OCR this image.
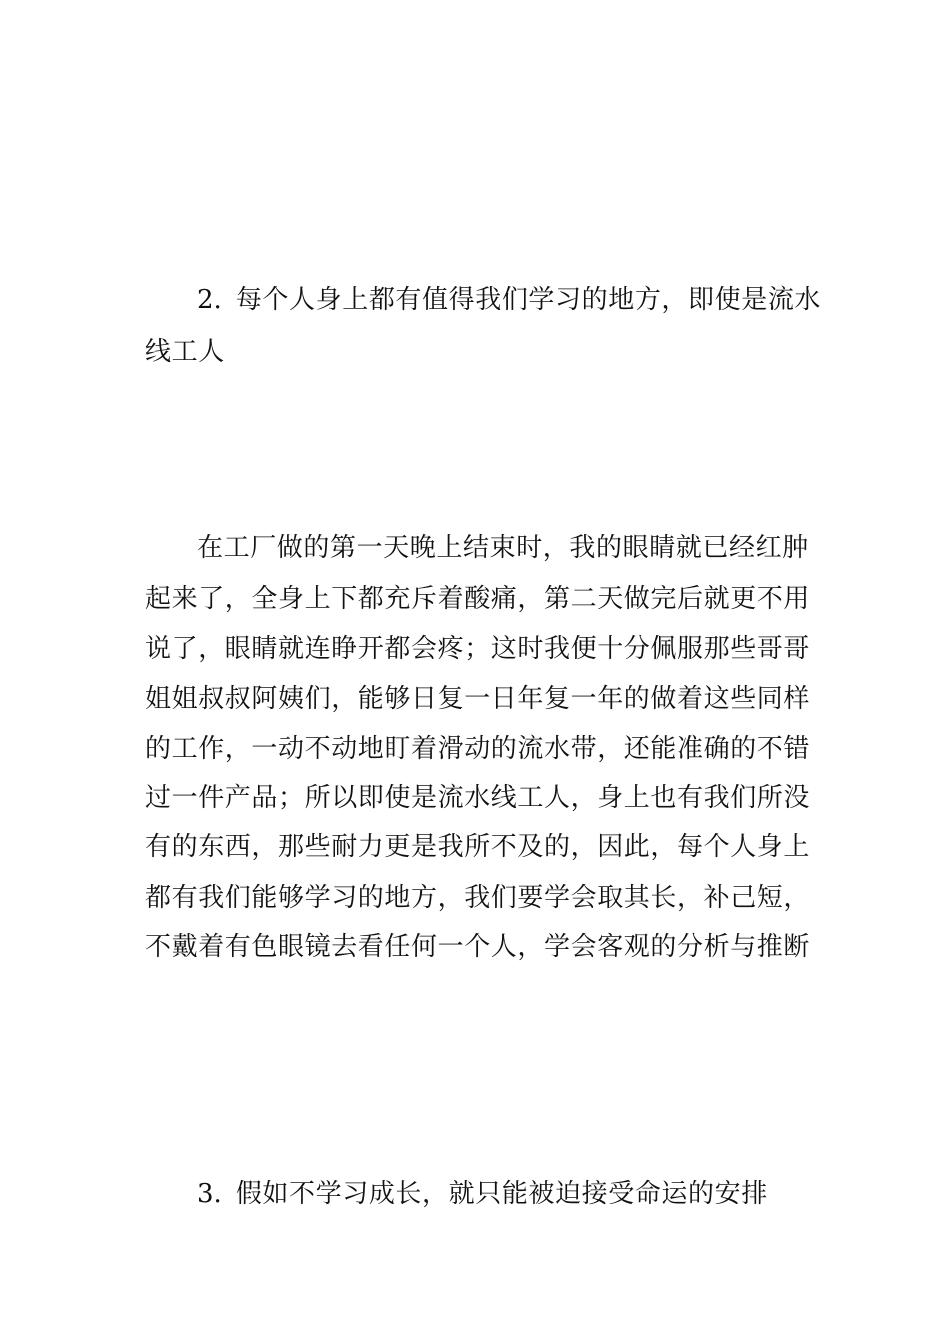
2. 每个人身上都有值得我们学习的地方，即使是流水
线工人
在工厂做的第一天晚上结束时，我的眼睛就已经红肿
起来了，全身上下都充斥着酸痛，第二天做完后就更不用
说了，眼睛就连睁开都会疼；这时我便十分佩服那些哥哥
姐姐叔叔阿姨们，能够日复一日年复一年的做着这些同样
的工作，一动不动地盯着滑动的流水带，还能准确的不错
过一件产品；所以即使是流水线工人，身上也有我们所没
有的东西，那些耐力更是我所不及的，因此，每个人身上
都有我们能够学习的地方，我们要学会取其长，补己短，
不戴着有色眼镜去看任何一个人，学会客观的分析与推断
3. 假如不学习成长，就只能被迫接受命运的安排
